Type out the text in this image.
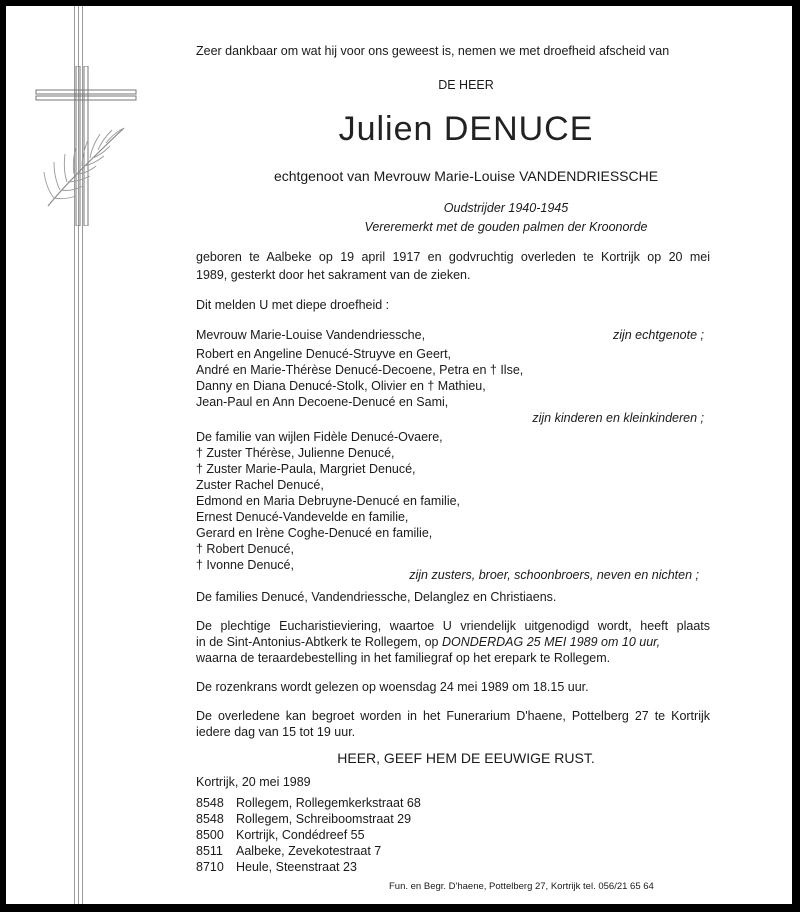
Zeer dankbaar om wat hij voor ons geweest is, nemen we met droefheid afscheid van
DE HEER
Julien DENUCE
echtgenoot van Mevrouw Marie-Louise VANDENDRIESSCHE
Oudstrijder 1940-1945
Vereremerkt met de gouden palmen der Kroonorde
geboren te Aalbeke op 19 april 1917 en godvruchtig overleden te Kortrijk op 20 mei
1989, gesterkt door het sakrament van de zieken.
Dit melden U met diepe droefheid :
Mevrouw Marie-Louise Vandendriessche,	zijn echtgenote ;
Robert en Angeline Denucé-Struyve en Geert,
André en Marie-Thérèse Denucé-Decoene, Petra en † Ilse,
Danny en Diana Denucé-Stolk, Olivier en † Mathieu,
Jean-Paul en Ann Decoene-Denucé en Sami,
zijn kinderen en kleinkinderen ;
De familie van wijlen Fidèle Denucé-Ovaere,
† Zuster Thérèse, Julienne Denucé,
† Zuster Marie-Paula, Margriet Denucé,
Zuster Rachel Denucé,
Edmond en Maria Debruyne-Denucé en familie,
Ernest Denucé-Vandevelde en familie,
Gerard en Irène Coghe-Denucé en familie,
† Robert Denucé,
† Ivonne Denucé,
zijn zusters, broer, schoonbroers, neven en nichten ;
De families Denucé, Vandendriessche, Delanglez en Christiaens.
De plechtige Eucharistieviering, waartoe U vriendelijk uitgenodigd wordt, heeft plaats
in de Sint-Antonius-Abtkerk te Rollegem, op DONDERDAG 25 MEI 1989 om 10 uur,
waarna de teraardebestelling in het familiegraf op het erepark te Rollegem.
De rozenkrans wordt gelezen op woensdag 24 mei 1989 om 18.15 uur.
De overledene kan begroet worden in het Funerarium D'haene, Pottelberg 27 te Kortrijk
iedere dag van 15 tot 19 uur.
HEER, GEEF HEM DE EEUWIGE RUST.
Kortrijk, 20 mei 1989
8548 Rollegem, Rollegemkerkstraat 68
8548 Rollegem, Schreiboomstraat 29
8500 Kortrijk, Condédreef 55
8511 Aalbeke, Zevekotestraat 7
8710 Heule, Steenstraat 23
Fun. en Begr. D'haene, Pottelberg 27, Kortrijk tel. 056/21 65 64
